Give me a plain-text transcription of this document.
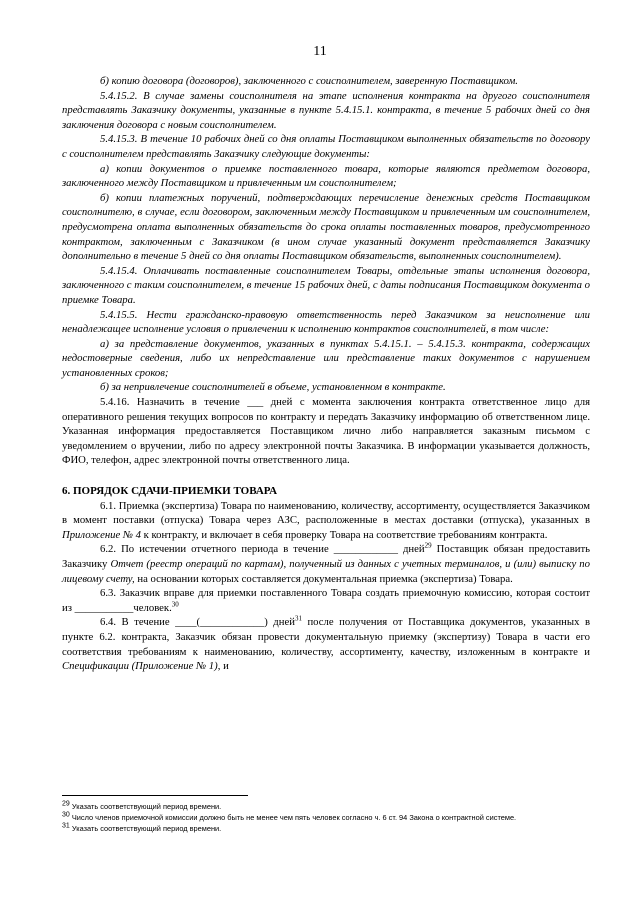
11

б) копию договора (договоров), заключенного с соисполнителем, заверенную Поставщиком.

5.4.15.2. В случае замены соисполнителя на этапе исполнения контракта на другого соисполнителя представлять Заказчику документы, указанные в пункте 5.4.15.1. контракта, в течение 5 рабочих дней со дня заключения договора с новым соисполнителем.

5.4.15.3. В течение 10 рабочих дней со дня оплаты Поставщиком выполненных обязательств по договору с соисполнителем представлять Заказчику следующие документы:

а) копии документов о приемке поставленного товара, которые являются предметом договора, заключенного между Поставщиком и привлеченным им соисполнителем;

б) копии платежных поручений, подтверждающих перечисление денежных средств Поставщиком соисполнителю, в случае, если договором, заключенным между Поставщиком и привлеченным им соисполнителем, предусмотрена оплата выполненных обязательств до срока оплаты поставленных товаров, предусмотренного контрактом, заключенным с Заказчиком (в ином случае указанный документ представляется Заказчику дополнительно в течение 5 дней со дня оплаты Поставщиком обязательств, выполненных соисполнителем).

5.4.15.4. Оплачивать поставленные соисполнителем Товары, отдельные этапы исполнения договора, заключенного с таким соисполнителем, в течение 15 рабочих дней, с даты подписания Поставщиком документа о приемке Товара.

5.4.15.5. Нести гражданско-правовую ответственность перед Заказчиком за неисполнение или ненадлежащее исполнение условия о привлечении к исполнению контрактов соисполнителей, в том числе:

а) за представление документов, указанных в пунктах 5.4.15.1. – 5.4.15.3. контракта, содержащих недостоверные сведения, либо их непредставление или представление таких документов с нарушением установленных сроков;

б) за непривлечение соисполнителей в объеме, установленном в контракте.

5.4.16. Назначить в течение ___ дней с момента заключения контракта ответственное лицо для оперативного решения текущих вопросов по контракту и передать Заказчику информацию об ответственном лице. Указанная информация предоставляется Поставщиком лично либо направляется заказным письмом с уведомлением о вручении, либо по адресу электронной почты Заказчика. В информации указывается должность, ФИО, телефон, адрес электронной почты ответственного лица.

6. ПОРЯДОК СДАЧИ-ПРИЕМКИ ТОВАРА

6.1. Приемка (экспертиза) Товара по наименованию, количеству, ассортименту, осуществляется Заказчиком в момент поставки (отпуска) Товара через АЗС, расположенные в местах доставки (отпуска), указанных в Приложение № 4 к контракту, и включает в себя проверку Товара на соответствие требованиям контракта.

6.2. По истечении отчетного периода в течение ____________ дней$^{29}$ Поставщик обязан предоставить Заказчику Отчет (реестр операций по картам), полученный из данных с учетных терминалов, и (или) выписку по лицевому счету, на основании которых составляется документальная приемка (экспертиза) Товара.

6.3. Заказчик вправе для приемки поставленного Товара создать приемочную комиссию, которая состоит из ___________человек.$^{30}$

6.4. В течение ____(____________) дней$^{31}$ после получения от Поставщика документов, указанных в пункте 6.2. контракта, Заказчик обязан провести документальную приемку (экспертизу) Товара в части его соответствия требованиям к наименованию, количеству, ассортименту, качеству, изложенным в контракте и Спецификации (Приложение № 1), и

$^{29}$ Указать соответствующий период времени.

$^{30}$ Число членов приемочной комиссии должно быть не менее чем пять человек согласно ч. 6 ст. 94 Закона о контрактной системе.

$^{31}$ Указать соответствующий период времени.
